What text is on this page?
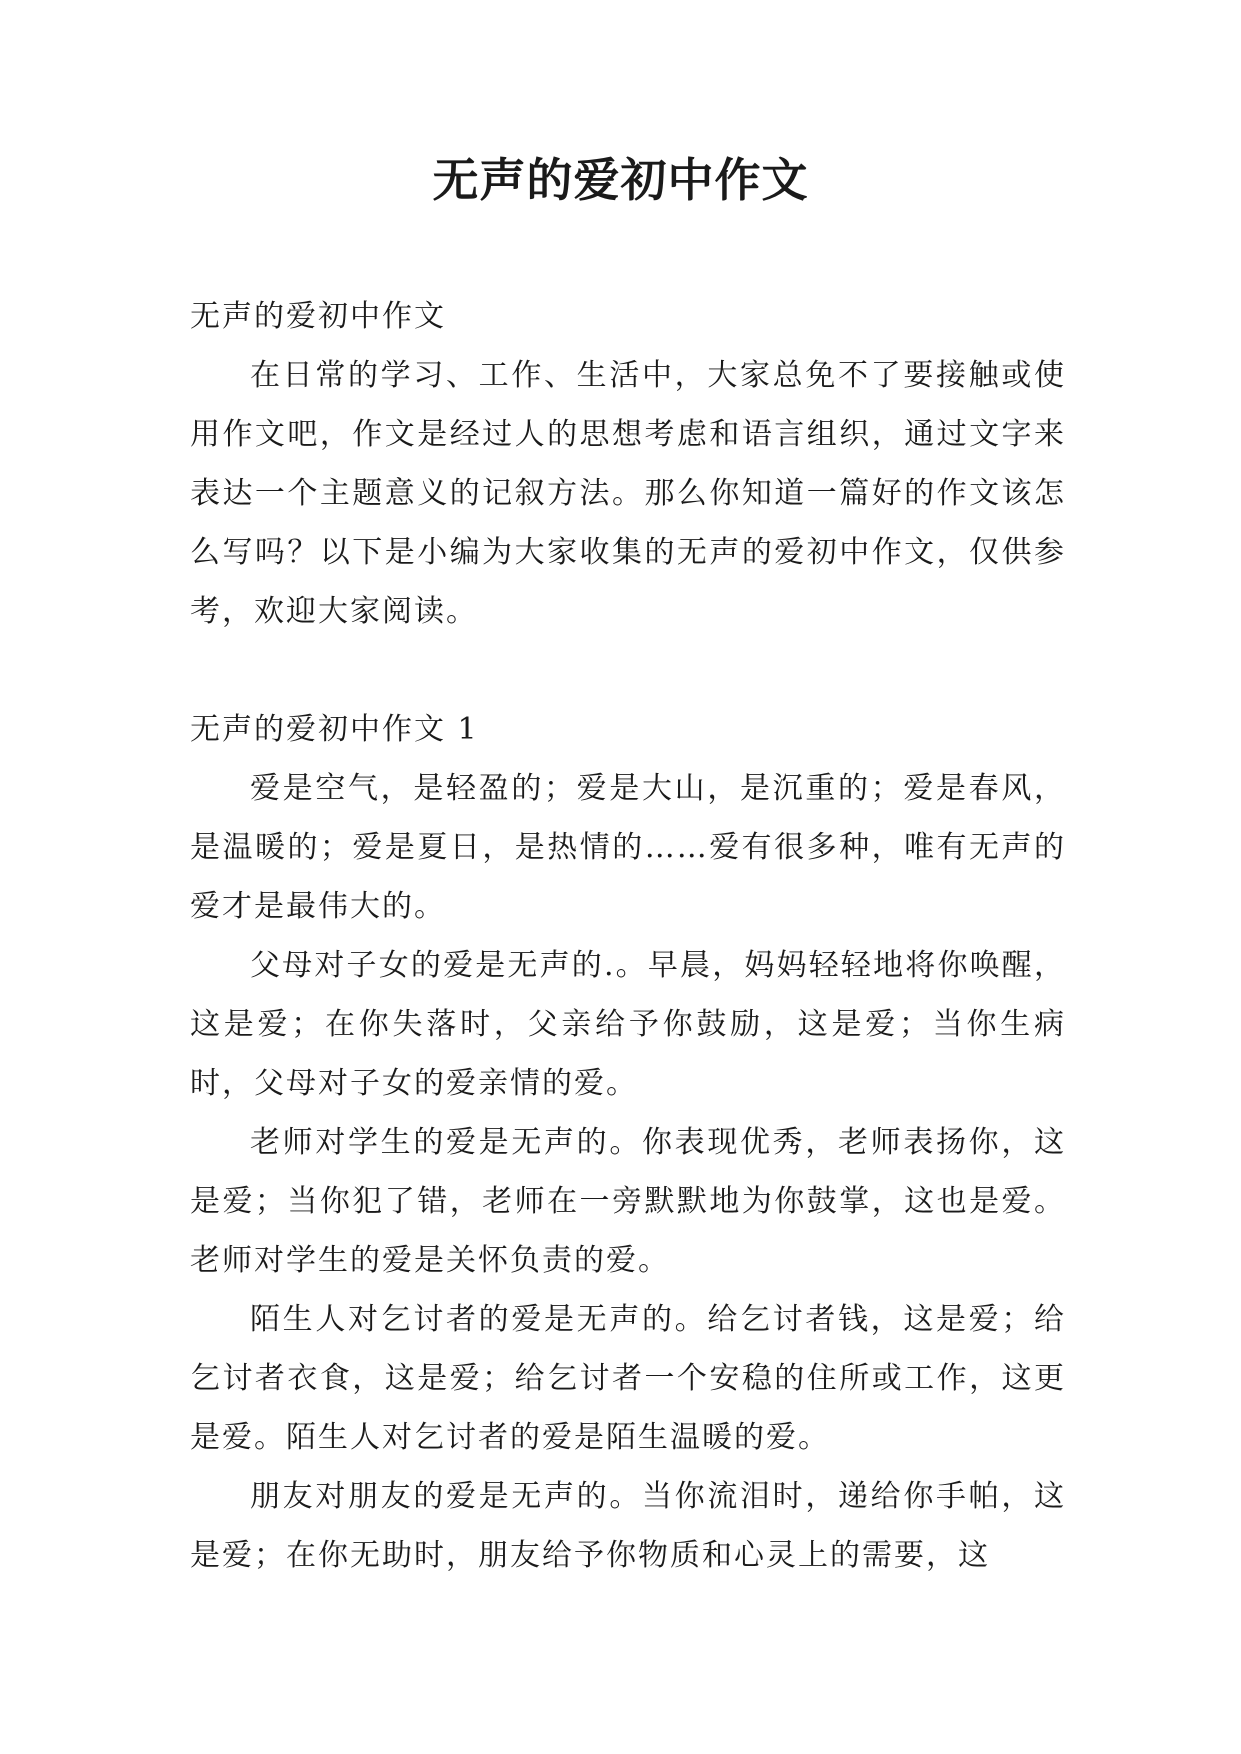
无声的爱初中作文

无声的爱初中作文

在日常的学习、工作、生活中，大家总免不了要接触或使用作文吧，作文是经过人的思想考虑和语言组织，通过文字来表达一个主题意义的记叙方法。那么你知道一篇好的作文该怎么写吗？以下是小编为大家收集的无声的爱初中作文，仅供参考，欢迎大家阅读。

无声的爱初中作文 1

爱是空气，是轻盈的；爱是大山，是沉重的；爱是春风，是温暖的；爱是夏日，是热情的……爱有很多种，唯有无声的爱才是最伟大的。

父母对子女的爱是无声的.。早晨，妈妈轻轻地将你唤醒，这是爱；在你失落时，父亲给予你鼓励，这是爱；当你生病时，父母对子女的爱亲情的爱。

老师对学生的爱是无声的。你表现优秀，老师表扬你，这是爱；当你犯了错，老师在一旁默默地为你鼓掌，这也是爱。老师对学生的爱是关怀负责的爱。

陌生人对乞讨者的爱是无声的。给乞讨者钱，这是爱；给乞讨者衣食，这是爱；给乞讨者一个安稳的住所或工作，这更是爱。陌生人对乞讨者的爱是陌生温暖的爱。

朋友对朋友的爱是无声的。当你流泪时，递给你手帕，这是爱；在你无助时，朋友给予你物质和心灵上的需要，这
